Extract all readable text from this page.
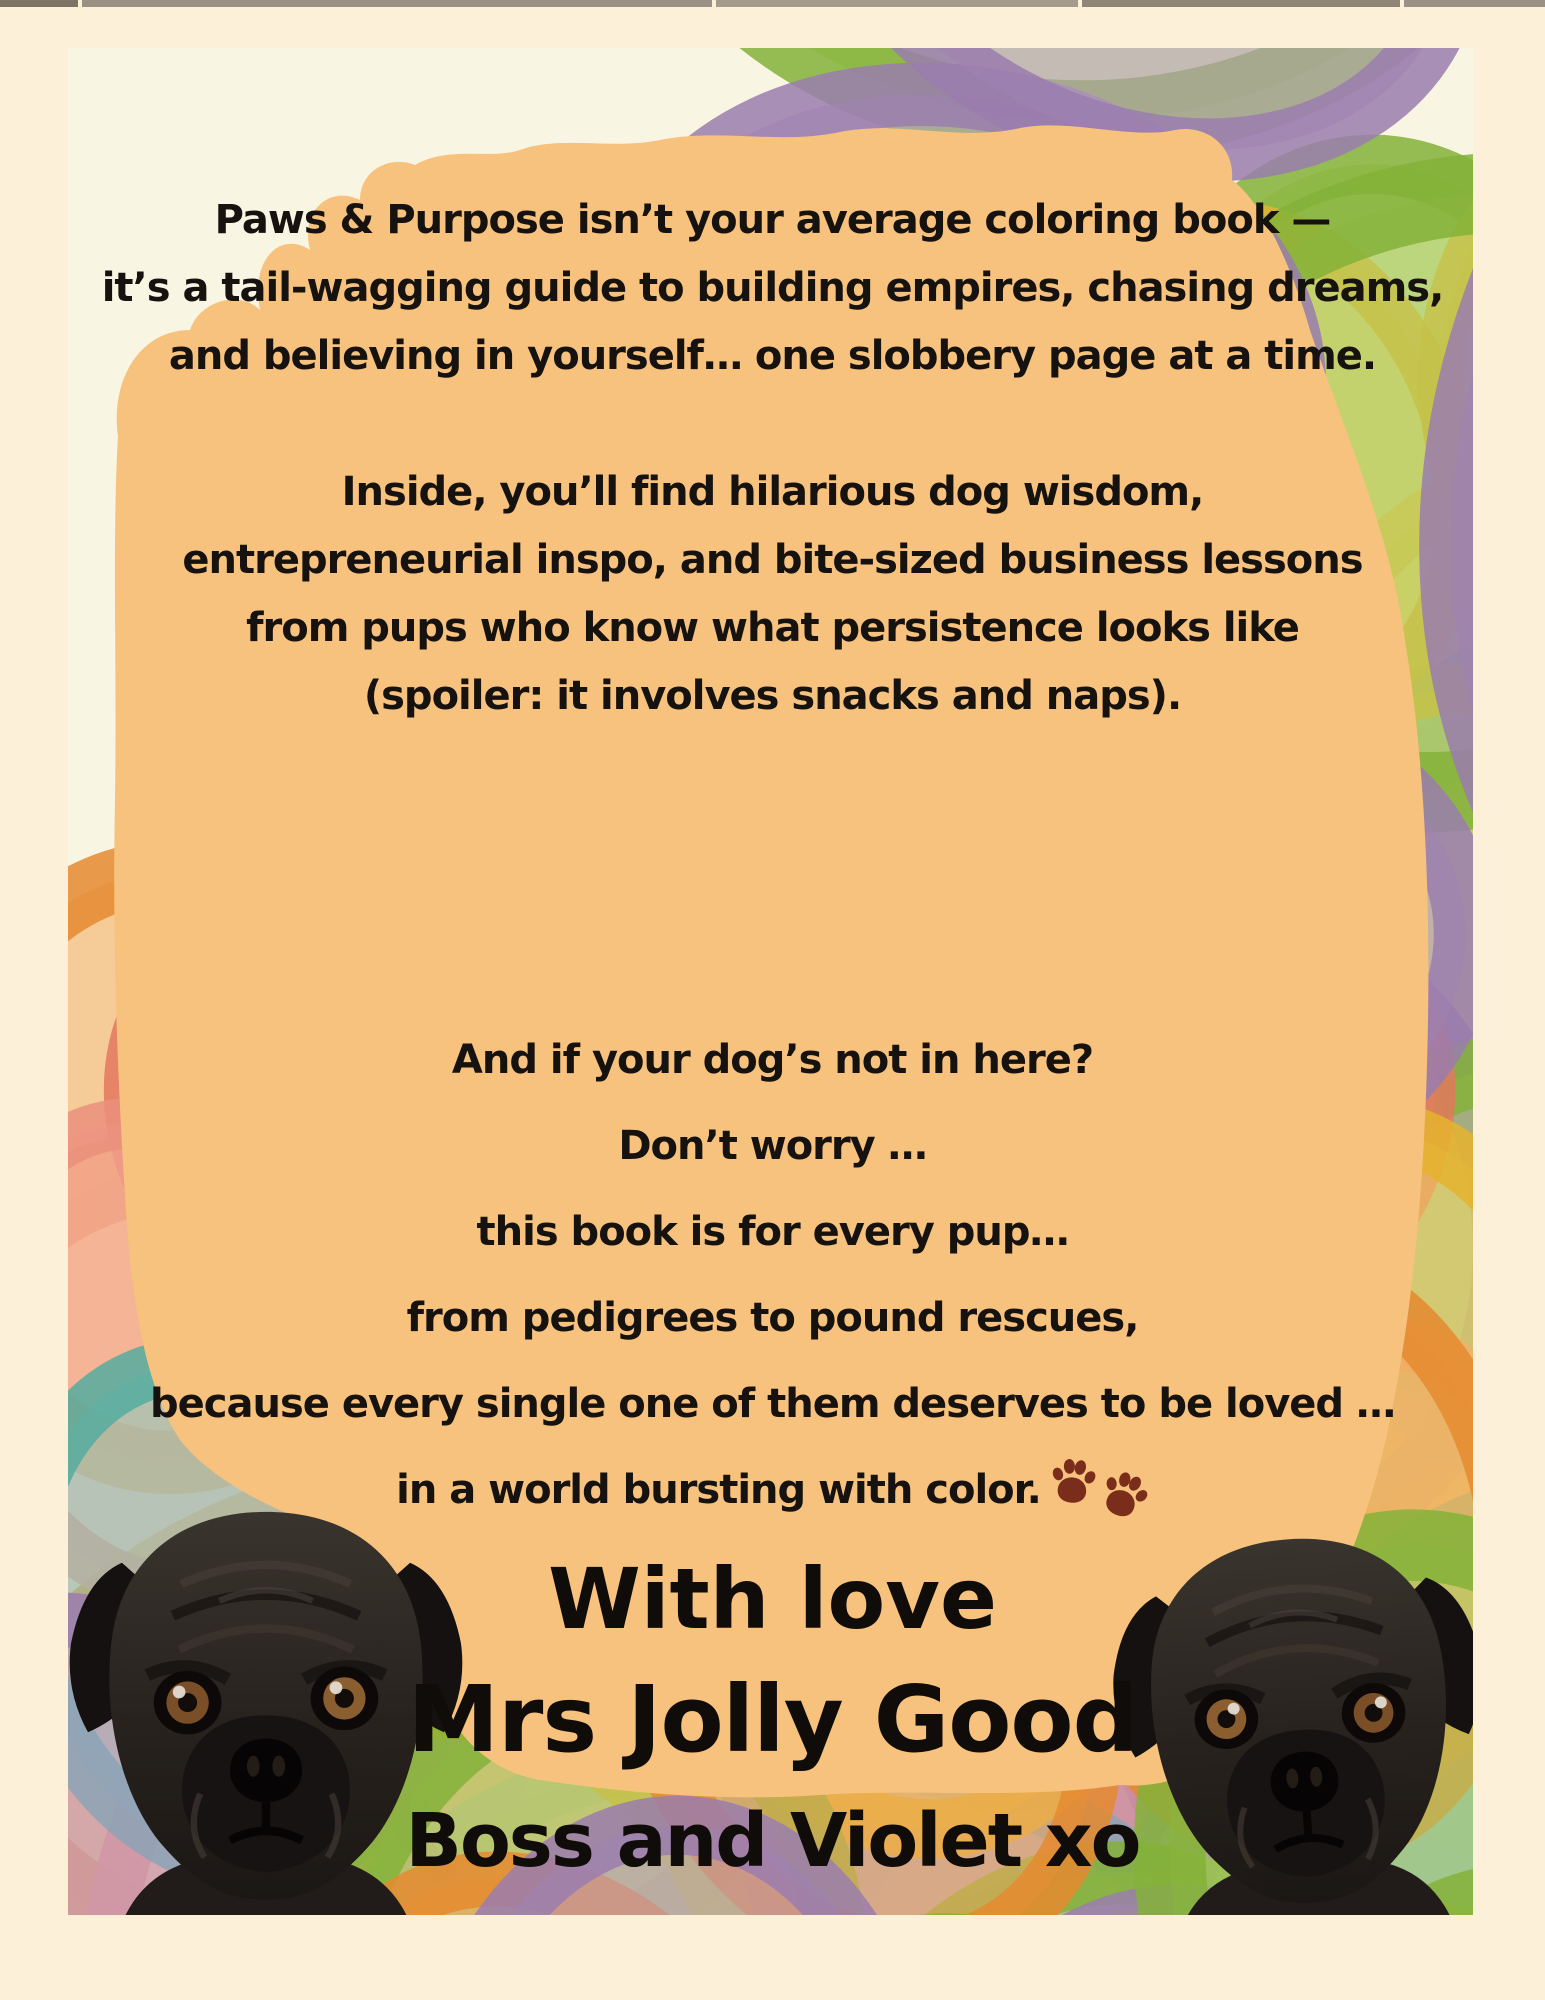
Paws & Purpose isn’t your average coloring book —
it’s a tail-wagging guide to building empires, chasing dreams,
and believing in yourself… one slobbery page at a time.
Inside, you’ll find hilarious dog wisdom,
entrepreneurial inspo, and bite-sized business lessons
from pups who know what persistence looks like
(spoiler: it involves snacks and naps).
And if your dog’s not in here?
Don’t worry …
this book is for every pup…
from pedigrees to pound rescues,
because every single one of them deserves to be loved …
in a world bursting with color.
With love
Mrs Jolly Good
Boss and Violet xo
